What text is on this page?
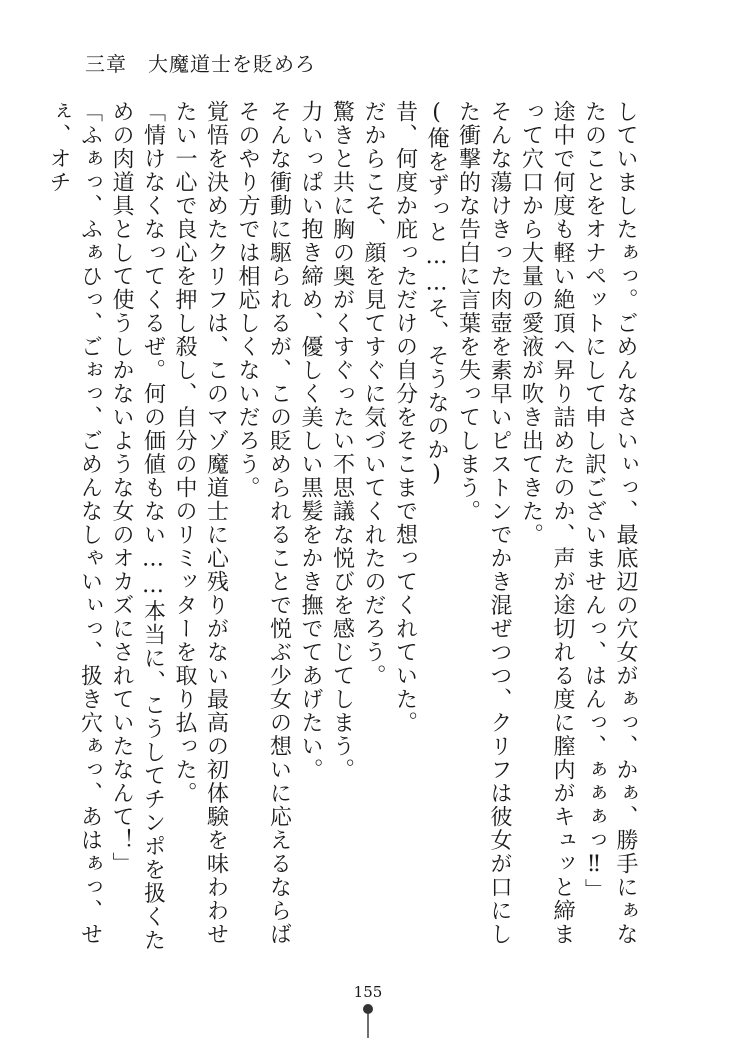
三章　大魔道士を貶めろ

していましたぁっ。ごめんなさいぃっ、最底辺の穴女がぁっ、かぁ、勝手にぁなたのことをオナペットにして申し訳ございませんっ、はんっ、ぁぁぁっ‼」

途中で何度も軽い絶頂へ昇り詰めたのか、声が途切れる度に膣内がキュッと締まって穴口から大量の愛液が吹き出てきた。

そんな蕩けきった肉壺を素早いピストンでかき混ぜつつ、クリフは彼女が口にした衝撃的な告白に言葉を失ってしまう。

(俺をずっと……そ、そうなのか)

昔、何度か庇っただけの自分をそこまで想ってくれていた。

だからこそ、顔を見てすぐに気づいてくれたのだろう。

驚きと共に胸の奥がくすぐったい不思議な悦びを感じてしまう。

力いっぱい抱き締め、優しく美しい黒髪をかき撫でてあげたい。

そんな衝動に駆られるが、この貶められることで悦ぶ少女の想いに応えるならばそのやり方では相応しくないだろう。

覚悟を決めたクリフは、このマゾ魔道士に心残りがない最高の初体験を味わわせたい一心で良心を押し殺し、自分の中のリミッターを取り払った。

「情けなくなってくるぜ。何の価値もない……本当に、こうしてチンポを扱くための肉道具として使うしかないような女のオカズにされていたなんて！」

「ふぁっ、ふぁひっ、ごぉっ、ごめんなしゃいぃっ、扱き穴ぁっ、あはぁっ、せぇ、オチ

155
